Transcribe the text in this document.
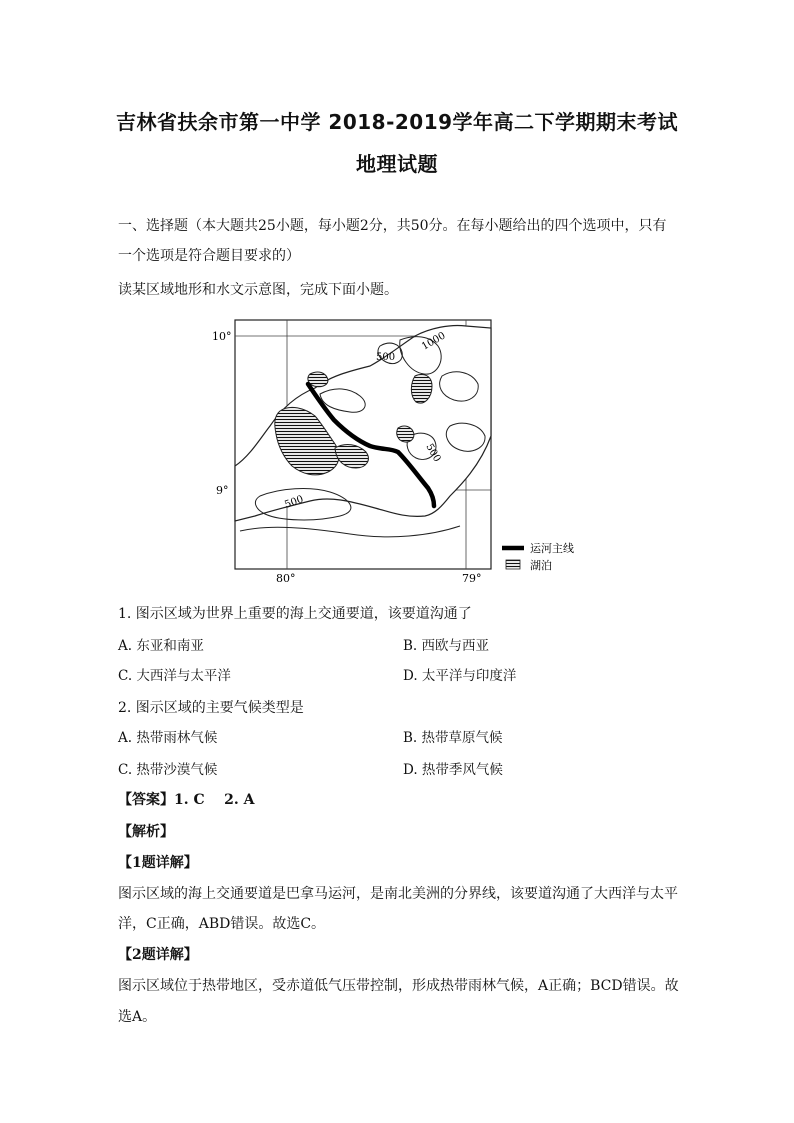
吉林省扶余市第一中学 2018-2019学年高二下学期期末考试
地理试题
一、选择题（本大题共25小题，每小题2分，共50分。在每小题给出的四个选项中，只有
一个选项是符合题目要求的）
读某区域地形和水文示意图，完成下面小题。
10°
9°
80°	79°
500
1000
500
500
运河主线
湖泊
1. 图示区域为世界上重要的海上交通要道，该要道沟通了
A. 东亚和南亚	B. 西欧与西亚
C. 大西洋与太平洋	D. 太平洋与印度洋
2. 图示区域的主要气候类型是
A. 热带雨林气候	B. 热带草原气候
C. 热带沙漠气候	D. 热带季风气候
【答案】1. C    2. A
【解析】
【1题详解】
图示区域的海上交通要道是巴拿马运河，是南北美洲的分界线，该要道沟通了大西洋与太平
洋，C正确，ABD错误。故选C。
【2题详解】
图示区域位于热带地区，受赤道低气压带控制，形成热带雨林气候，A正确；BCD错误。故
选A。
